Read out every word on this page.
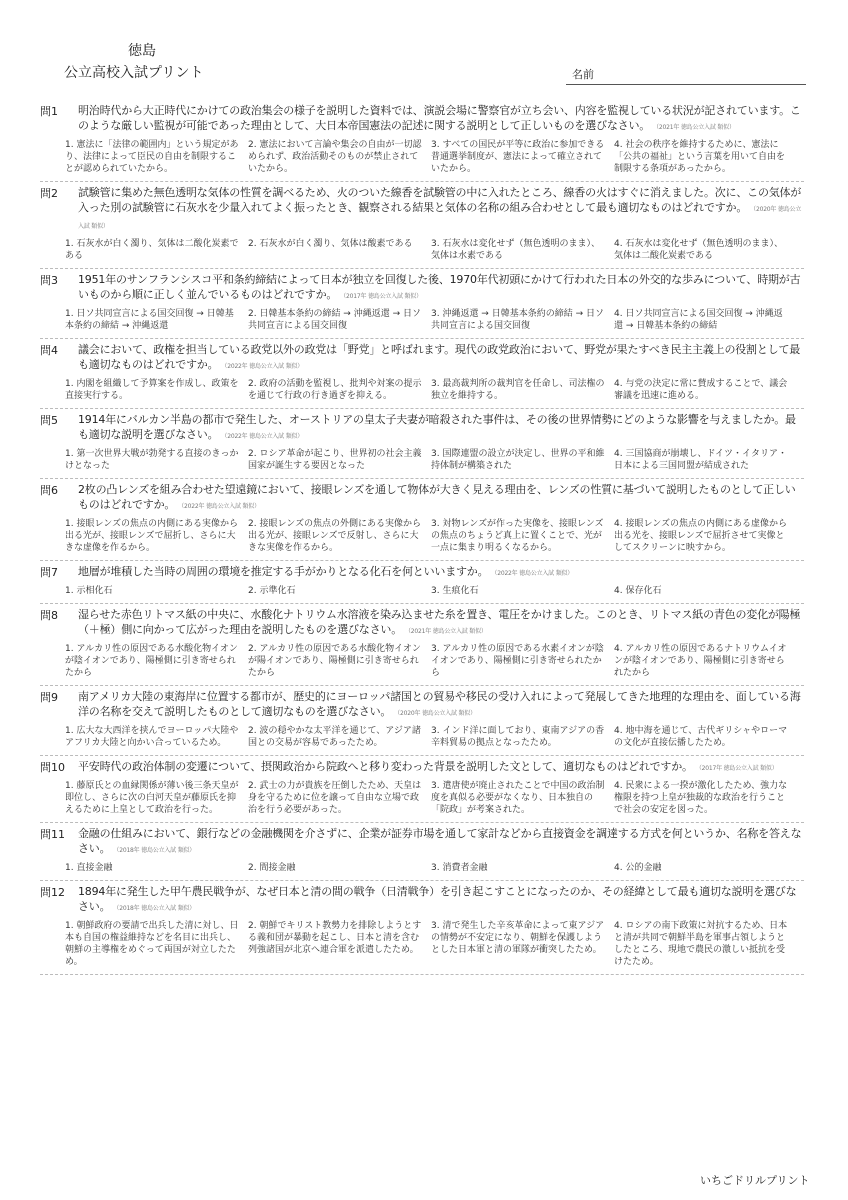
徳島
公立高校入試プリント	名前
問1	明治時代から大正時代にかけての政治集会の様子を説明した資料では、演説会場に警察官が立ち会い、内容を監視している状況が記されています。このような厳しい監視が可能であった理由として、大日本帝国憲法の記述に関する説明として正しいものを選びなさい。 （2021年 徳島公立入試 類似）
1. 憲法に「法律の範囲内」という規定があり、法律によって臣民の自由を制限することが認められていたから。
2. 憲法において言論や集会の自由が一切認められず、政治活動そのものが禁止されていたから。
3. すべての国民が平等に政治に参加できる普通選挙制度が、憲法によって確立されていたから。
4. 社会の秩序を維持するために、憲法に「公共の福祉」という言葉を用いて自由を制限する条項があったから。
問2	試験管に集めた無色透明な気体の性質を調べるため、火のついた線香を試験管の中に入れたところ、線香の火はすぐに消えました。次に、この気体が入った別の試験管に石灰水を少量入れてよく振ったとき、観察される結果と気体の名称の組み合わせとして最も適切なものはどれですか。 （2020年 徳島公立入試 類似）
1. 石灰水が白く濁り、気体は二酸化炭素である
2. 石灰水が白く濁り、気体は酸素である	3. 石灰水は変化せず（無色透明のまま）、気体は水素である
4. 石灰水は変化せず（無色透明のまま）、気体は二酸化炭素である
問3	1951年のサンフランシスコ平和条約締結によって日本が独立を回復した後、1970年代初頭にかけて行われた日本の外交的な歩みについて、時期が古いものから順に正しく並んでいるものはどれですか。 （2017年 徳島公立入試 類似）
1. 日ソ共同宣言による国交回復 → 日韓基本条約の締結 → 沖縄返還
2. 日韓基本条約の締結 → 沖縄返還 → 日ソ共同宣言による国交回復
3. 沖縄返還 → 日韓基本条約の締結 → 日ソ共同宣言による国交回復
4. 日ソ共同宣言による国交回復 → 沖縄返還 → 日韓基本条約の締結
問4	議会において、政権を担当している政党以外の政党は「野党」と呼ばれます。現代の政党政治において、野党が果たすべき民主主義上の役割として最も適切なものはどれですか。 （2022年 徳島公立入試 類似）
1. 内閣を組織して予算案を作成し、政策を直接実行する。
2. 政府の活動を監視し、批判や対案の提示を通じて行政の行き過ぎを抑える。
3. 最高裁判所の裁判官を任命し、司法権の独立を維持する。
4. 与党の決定に常に賛成することで、議会審議を迅速に進める。
問5	1914年にバルカン半島の都市で発生した、オーストリアの皇太子夫妻が暗殺された事件は、その後の世界情勢にどのような影響を与えましたか。最も適切な説明を選びなさい。 （2022年 徳島公立入試 類似）
1. 第一次世界大戦が勃発する直接のきっかけとなった
2. ロシア革命が起こり、世界初の社会主義国家が誕生する要因となった
3. 国際連盟の設立が決定し、世界の平和維持体制が構築された
4. 三国協商が崩壊し、ドイツ・イタリア・日本による三国同盟が結成された
問6	2枚の凸レンズを組み合わせた望遠鏡において、接眼レンズを通して物体が大きく見える理由を、レンズの性質に基づいて説明したものとして正しいものはどれですか。 （2022年 徳島公立入試 類似）
1. 接眼レンズの焦点の内側にある実像から出る光が、接眼レンズで屈折し、さらに大きな虚像を作るから。
2. 接眼レンズの焦点の外側にある実像から出る光が、接眼レンズで反射し、さらに大きな実像を作るから。
3. 対物レンズが作った実像を、接眼レンズの焦点のちょうど真上に置くことで、光が一点に集まり明るくなるから。
4. 接眼レンズの焦点の内側にある虚像から出る光を、接眼レンズで屈折させて実像としてスクリーンに映すから。
問7	地層が堆積した当時の周囲の環境を推定する手がかりとなる化石を何といいますか。 （2022年 徳島公立入試 類似）
1. 示相化石	2. 示準化石	3. 生痕化石	4. 保存化石
問8	湿らせた赤色リトマス紙の中央に、水酸化ナトリウム水溶液を染み込ませた糸を置き、電圧をかけました。このとき、リトマス紙の青色の変化が陽極（＋極）側に向かって広がった理由を説明したものを選びなさい。 （2021年 徳島公立入試 類似）
1. アルカリ性の原因である水酸化物イオンが陰イオンであり、陽極側に引き寄せられたから
2. アルカリ性の原因である水酸化物イオンが陽イオンであり、陽極側に引き寄せられたから
3. アルカリ性の原因である水素イオンが陰イオンであり、陽極側に引き寄せられたから
4. アルカリ性の原因であるナトリウムイオンが陰イオンであり、陽極側に引き寄せられたから
問9	南アメリカ大陸の東海岸に位置する都市が、歴史的にヨーロッパ諸国との貿易や移民の受け入れによって発展してきた地理的な理由を、面している海洋の名称を交えて説明したものとして適切なものを選びなさい。 （2020年 徳島公立入試 類似）
1. 広大な大西洋を挟んでヨーロッパ大陸やアフリカ大陸と向かい合っているため。
2. 波の穏やかな太平洋を通じて、アジア諸国との交易が容易であったため。
3. インド洋に面しており、東南アジアの香辛料貿易の拠点となったため。
4. 地中海を通じて、古代ギリシャやローマの文化が直接伝播したため。
問10	平安時代の政治体制の変遷について、摂関政治から院政へと移り変わった背景を説明した文として、適切なものはどれですか。 （2017年 徳島公立入試 類似）
1. 藤原氏との血縁関係が薄い後三条天皇が即位し、さらに次の白河天皇が藤原氏を抑えるために上皇として政治を行った。
2. 武士の力が貴族を圧倒したため、天皇は身を守るために位を譲って自由な立場で政治を行う必要があった。
3. 遣唐使が廃止されたことで中国の政治制度を真似る必要がなくなり、日本独自の「院政」が考案された。
4. 民衆による一揆が激化したため、強力な権限を持つ上皇が独裁的な政治を行うことで社会の安定を図った。
問11	金融の仕組みにおいて、銀行などの金融機関を介さずに、企業が証券市場を通して家計などから直接資金を調達する方式を何というか、名称を答えなさい。 （2018年 徳島公立入試 類似）
1. 直接金融	2. 間接金融	3. 消費者金融	4. 公的金融
問12	1894年に発生した甲午農民戦争が、なぜ日本と清の間の戦争（日清戦争）を引き起こすことになったのか、その経緯として最も適切な説明を選びなさい。 （2018年 徳島公立入試 類似）
1. 朝鮮政府の要請で出兵した清に対し、日本も自国の権益維持などを名目に出兵し、朝鮮の主導権をめぐって両国が対立したため。
2. 朝鮮でキリスト教勢力を排除しようとする義和団が暴動を起こし、日本と清を含む列強諸国が北京へ連合軍を派遣したため。
3. 清で発生した辛亥革命によって東アジアの情勢が不安定になり、朝鮮を保護しようとした日本軍と清の軍隊が衝突したため。
4. ロシアの南下政策に対抗するため、日本と清が共同で朝鮮半島を軍事占領しようとしたところ、現地で農民の激しい抵抗を受けたため。
いちごドリルプリント
